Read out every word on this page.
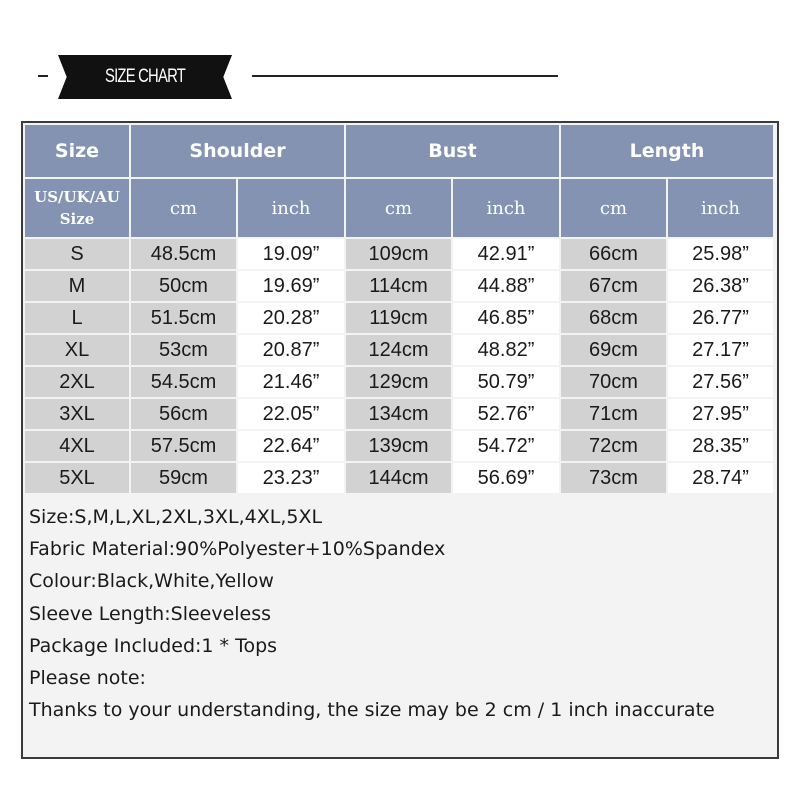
SIZE CHART
Size	Shoulder		Bust		Length	

US/UK/AU
Size	cm	inch	cm	inch	cm	inch
S	48.5cm	19.09”	109cm	42.91”	66cm	25.98”
M	50cm	19.69”	114cm	44.88”	67cm	26.38”
L	51.5cm	20.28”	119cm	46.85”	68cm	26.77”
XL	53cm	20.87”	124cm	48.82”	69cm	27.17”
2XL	54.5cm	21.46”	129cm	50.79”	70cm	27.56”
3XL	56cm	22.05”	134cm	52.76”	71cm	27.95”
4XL	57.5cm	22.64”	139cm	54.72”	72cm	28.35”
5XL	59cm	23.23”	144cm	56.69”	73cm	28.74”
Size:S,M,L,XL,2XL,3XL,4XL,5XL
Fabric Material:90%Polyester+10%Spandex
Colour:Black,White,Yellow
Sleeve Length:Sleeveless
Package Included:1 * Tops
Please note:
Thanks to your understanding, the size may be 2 cm / 1 inch inaccurate
